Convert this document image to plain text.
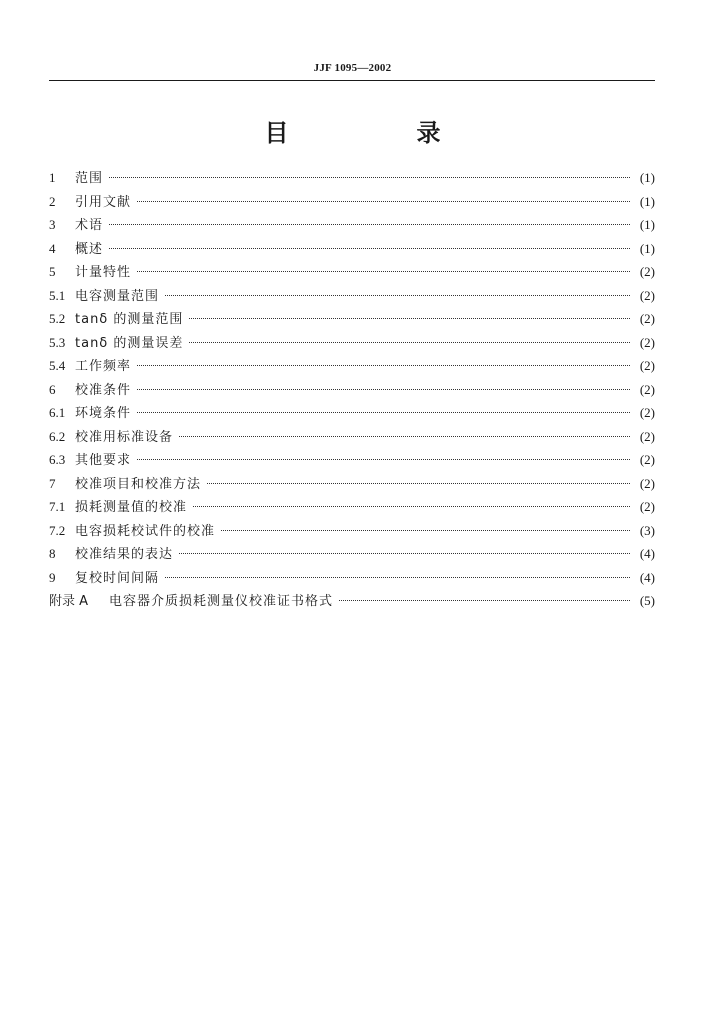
JJF 1095—2002
目　录
1	范围	(1)
2	引用文献	(1)
3	术语	(1)
4	概述	(1)
5	计量特性	(2)
5.1 电容测量范围	(2)
5.2 tanδ 的测量范围	(2)
5.3 tanδ 的测量误差	(2)
5.4 工作频率	(2)
6	校准条件	(2)
6.1 环境条件	(2)
6.2 校准用标准设备	(2)
6.3 其他要求	(2)
7	校准项目和校准方法	(2)
7.1 损耗测量值的校准	(2)
7.2 电容损耗校试件的校准	(3)
8	校准结果的表达	(4)
9	复校时间间隔	(4)
附录 A	电容器介质损耗测量仪校准证书格式	(5)
